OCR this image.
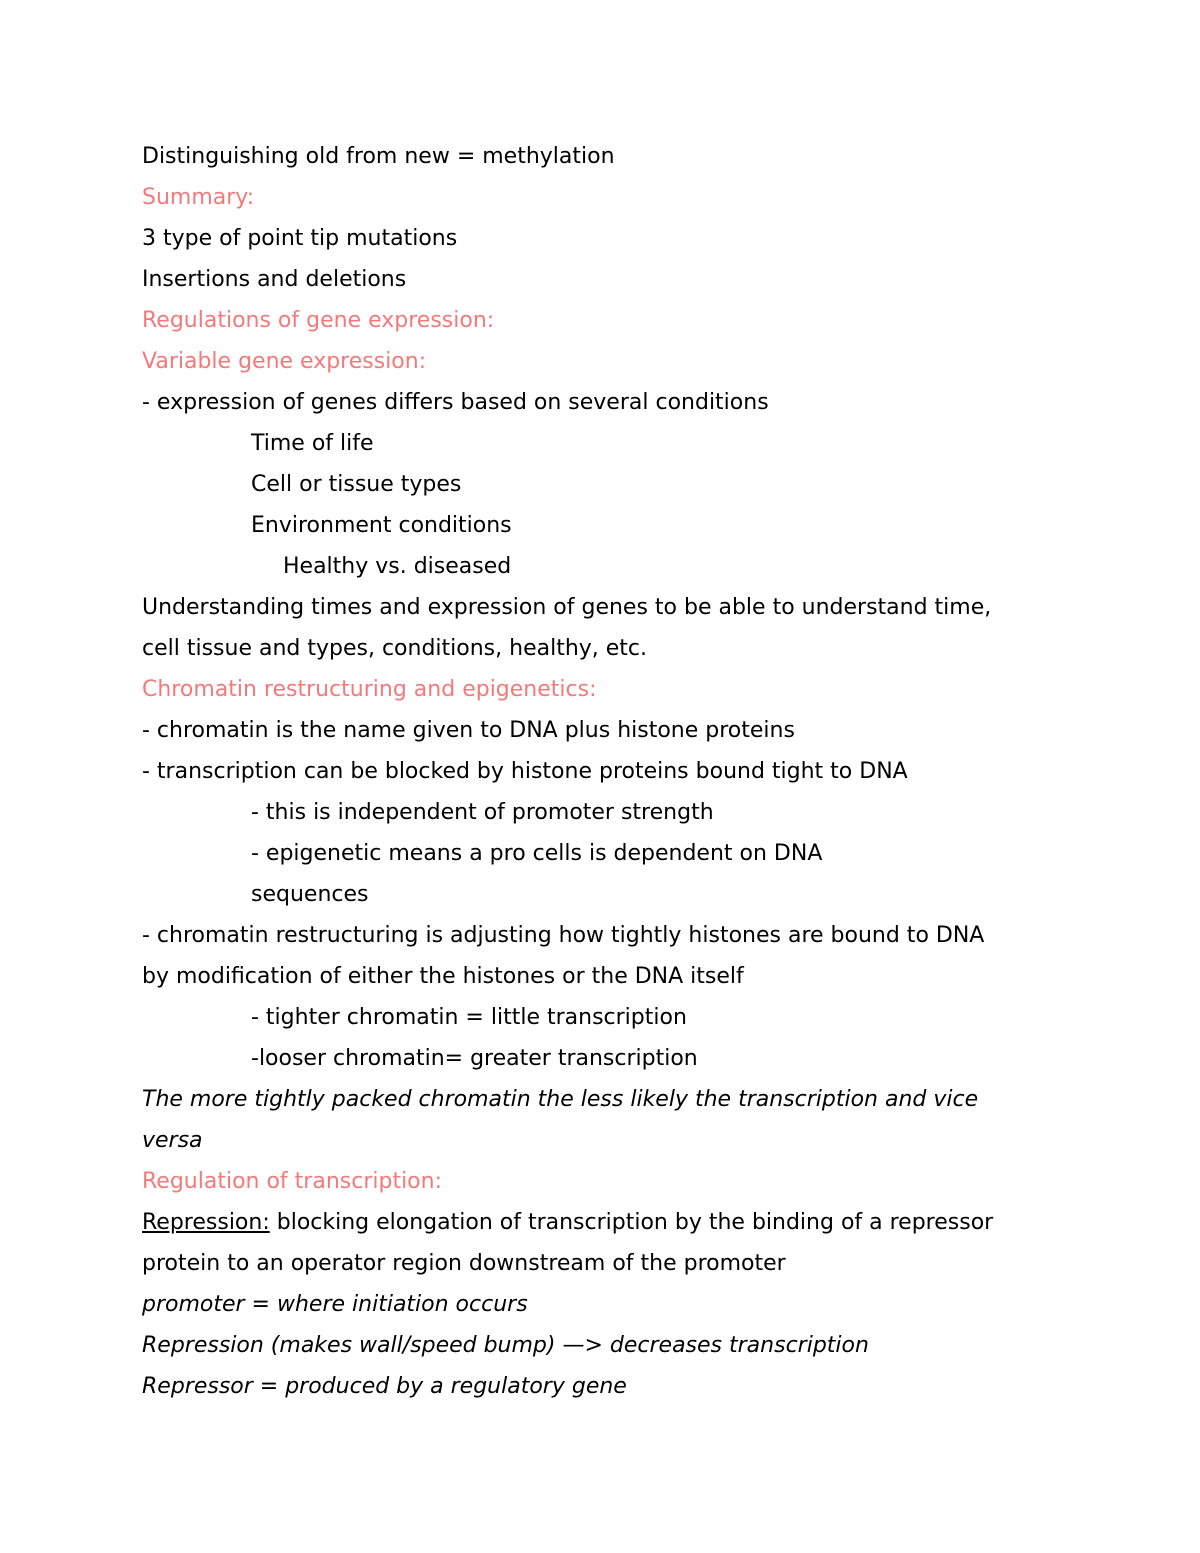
Distinguishing old from new = methylation
Summary:
3 type of point tip mutations
Insertions and deletions
Regulations of gene expression:
Variable gene expression:
- expression of genes differs based on several conditions
Time of life
Cell or tissue types
Environment conditions
Healthy vs. diseased
Understanding times and expression of genes to be able to understand time,
cell tissue and types, conditions, healthy, etc.
Chromatin restructuring and epigenetics:
- chromatin is the name given to DNA plus histone proteins
- transcription can be blocked by histone proteins bound tight to DNA
- this is independent of promoter strength
- epigenetic means a pro cells is dependent on DNA
sequences
- chromatin restructuring is adjusting how tightly histones are bound to DNA
by modification of either the histones or the DNA itself
- tighter chromatin = little transcription
-looser chromatin= greater transcription
The more tightly packed chromatin the less likely the transcription and vice
versa
Regulation of transcription:
Repression: blocking elongation of transcription by the binding of a repressor
protein to an operator region downstream of the promoter
promoter = where initiation occurs
Repression (makes wall/speed bump) —> decreases transcription
Repressor = produced by a regulatory gene
